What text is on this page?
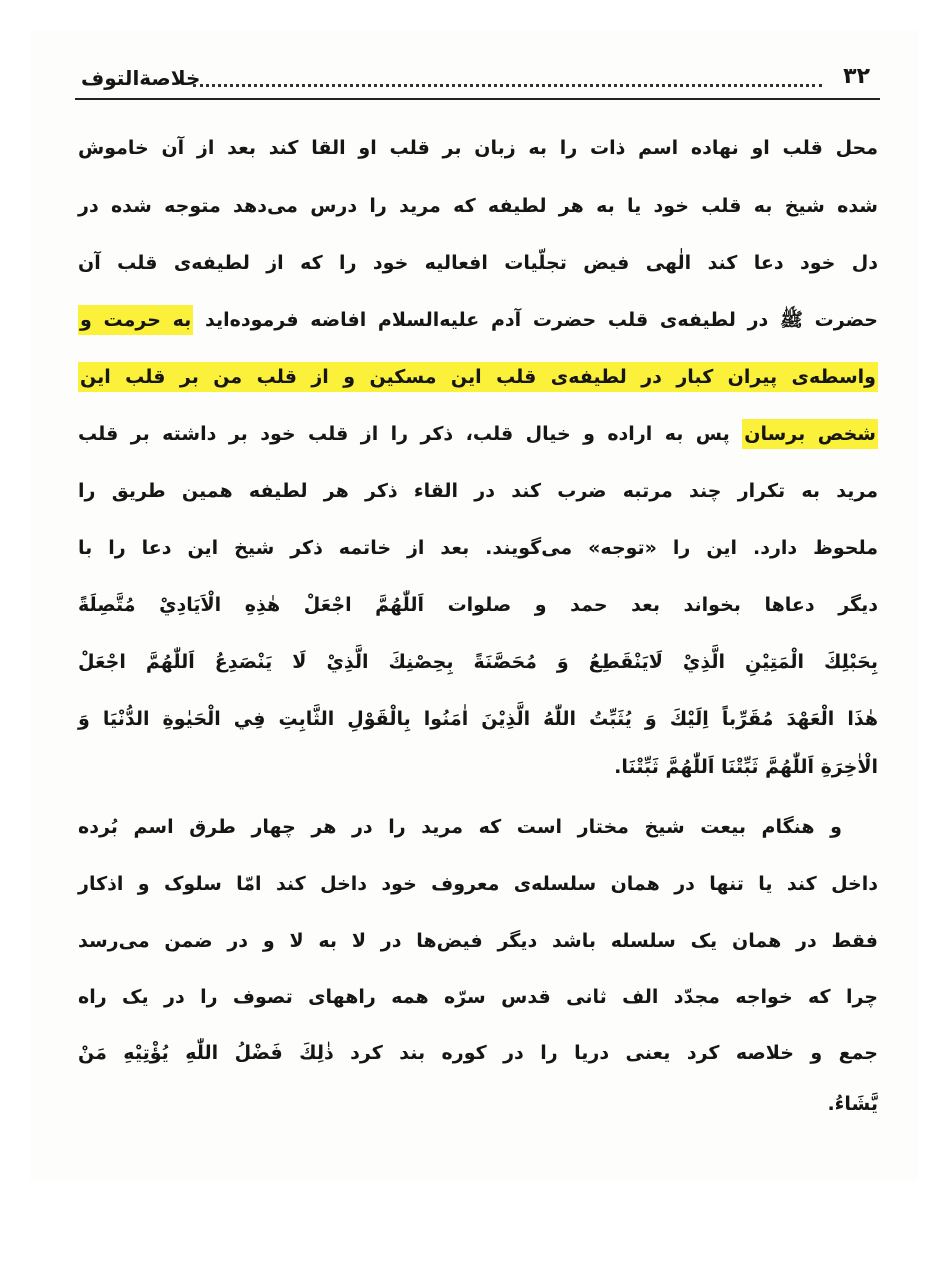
۳۲
خلاصة‌التوف
محل قلب او نهاده اسم ذات را به زبان بر قلب او القا کند بعد از آن خاموش
شده شیخ به قلب خود یا به هر لطیفه که مرید را درس می‌دهد متوجه شده در
دل خود دعا کند الٰهی فیض تجلّیات افعالیه خود را که از لطیفه‌ی قلب آن
حضرت ﷺ در لطیفه‌ی قلب حضرت آدم علیه‌السلام افاضه فرموده‌اید به حرمت و
واسطه‌ی پیران کبار در لطیفه‌ی قلب این مسکین و از قلب من بر قلب این
شخص برسان پس به اراده و خیال قلب، ذکر را از قلب خود بر داشته بر قلب
مرید به تکرار چند مرتبه ضرب کند در القاء ذکر هر لطیفه همین طریق را
ملحوظ دارد. این را «توجه» می‌گویند. بعد از خاتمه ذکر شیخ این دعا را با
دیگر دعاها بخواند بعد حمد و صلوات اَللّٰهُمَّ اجْعَلْ هٰذِهِ الْاَيَادِيْ مُتَّصِلَةً
بِحَبْلِكَ الْمَتِيْنِ الَّذِيْ لَايَنْقَطِعُ وَ مُحَصَّنَةً بِحِصْنِكَ الَّذِيْ لَا يَنْصَدِعُ اَللّٰهُمَّ اجْعَلْ
هٰذَا الْعَهْدَ مُقَرِّباً اِلَيْكَ وَ يُثَبِّتُ اللّٰهُ الَّذِيْنَ اٰمَنُوا بِالْقَوْلِ الثَّابِتِ فِي الْحَيٰوةِ الدُّنْيَا وَ
الْاٰخِرَةِ اَللّٰهُمَّ ثَبِّتْنَا اَللّٰهُمَّ ثَبِّتْنَا.
و هنگام بیعت شیخ مختار است که مرید را در هر چهار طرق اسم بُرده
داخل کند یا تنها در همان سلسله‌ی معروف خود داخل کند امّا سلوک و اذکار
فقط در همان یک سلسله باشد دیگر فیض‌ها در لا به لا و در ضمن می‌رسد
چرا که خواجه مجدّد الف ثانی قدس سرّه همه راههای تصوف را در یک راه
جمع و خلاصه کرد یعنی دریا را در کوره بند کرد ذٰلِكَ فَضْلُ اللّٰهِ يُؤْتِيْهِ مَنْ
يَّشَاءُ.
